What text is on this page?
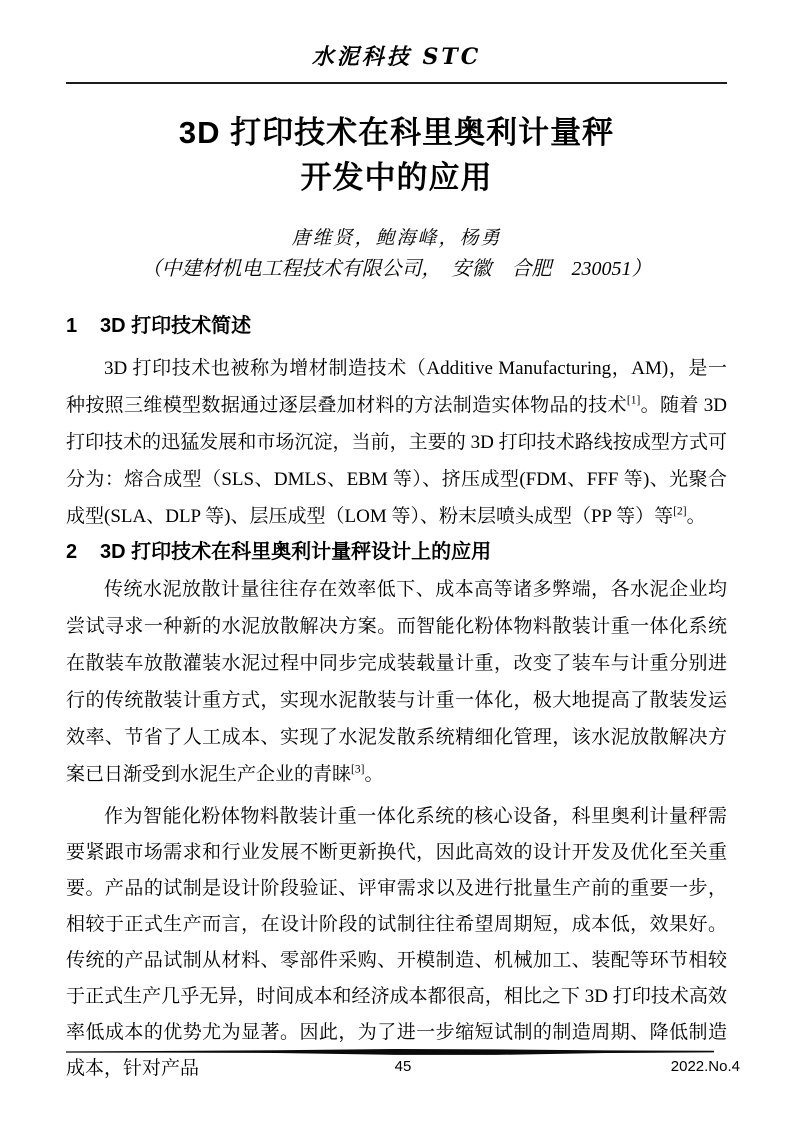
水泥科技 STC
3D 打印技术在科里奥利计量秤
开发中的应用
唐维贤，鲍海峰，杨勇
（中建材机电工程技术有限公司，　安徽　合肥　230051）
1 3D 打印技术简述

3D 打印技术也被称为增材制造技术（Additive Manufacturing，AM)，是一种按照三维模型数据通过逐层叠加材料的方法制造实体物品的技术[1]。随着 3D 打印技术的迅猛发展和市场沉淀，当前，主要的 3D 打印技术路线按成型方式可分为：熔合成型（SLS、DMLS、EBM 等）、挤压成型(FDM、FFF 等)、光聚合成型(SLA、DLP 等)、层压成型（LOM 等）、粉末层喷头成型（PP 等）等[2]。

2 3D 打印技术在科里奥利计量秤设计上的应用

传统水泥放散计量往往存在效率低下、成本高等诸多弊端，各水泥企业均尝试寻求一种新的水泥放散解决方案。而智能化粉体物料散装计重一体化系统在散装车放散灌装水泥过程中同步完成装载量计重，改变了装车与计重分别进行的传统散装计重方式，实现水泥散装与计重一体化，极大地提高了散装发运效率、节省了人工成本、实现了水泥发散系统精细化管理，该水泥放散解决方案已日渐受到水泥生产企业的青睐[3]。

作为智能化粉体物料散装计重一体化系统的核心设备，科里奥利计量秤需要紧跟市场需求和行业发展不断更新换代，因此高效的设计开发及优化至关重要。产品的试制是设计阶段验证、评审需求以及进行批量生产前的重要一步，相较于正式生产而言，在设计阶段的试制往往希望周期短，成本低，效果好。传统的产品试制从材料、零部件采购、开模制造、机械加工、装配等环节相较于正式生产几乎无异，时间成本和经济成本都很高，相比之下 3D 打印技术高效率低成本的优势尤为显著。因此，为了进一步缩短试制的制造周期、降低制造成本，针对产品	45	2022.No.4
